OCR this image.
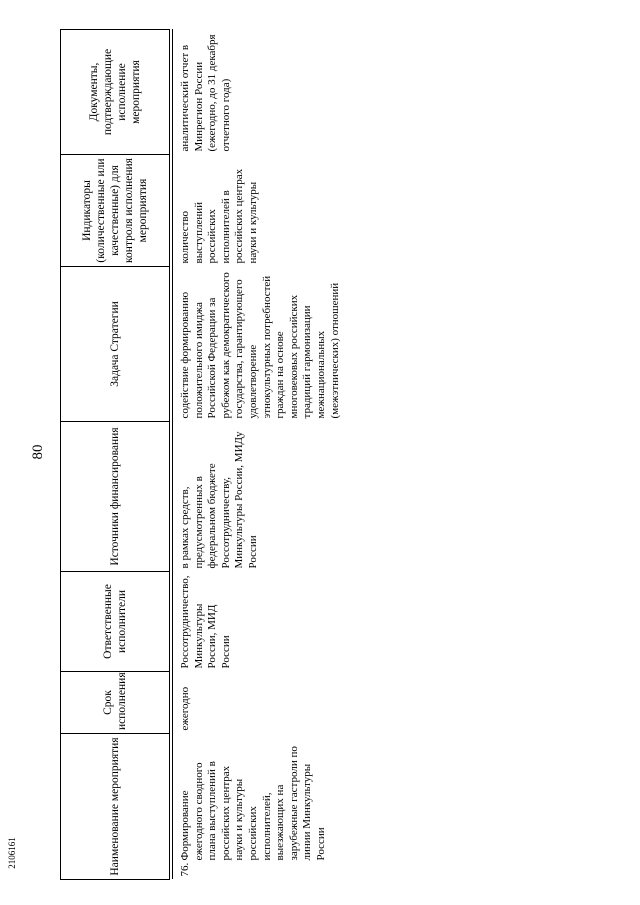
80
2106161	Наименование мероприятия	Срок исполнения	Ответственные исполнители	Источники финансирования	Задача Стратегии	Индикаторы (количественные или качественные) для контроля исполнения мероприятия	Документы, подтверждающие исполнение мероприятия

76.Формирование ежегодного сводного плана выступлений в российских центрах науки и культуры российских исполнителей, выезжающих на зарубежные гастроли по линии Минкультуры России	ежегодно	Россотрудничество, Минкультуры России, МИД России	в рамках средств, предусмотренных в федеральном бюджете Россотрудничеству, Минкультуры России, МИДу России	содействие формированию положительного имиджа Российской Федерации за рубежом как демократического государства, гарантирующего удовлетворение этнокультурных потребностей граждан на основе многовековых российских традиций гармонизации межнациональных (межэтнических) отношений	количество выступлений российских исполнителей в российских центрах науки и культуры	аналитический отчет в Минрегион России (ежегодно, до 31 декабря отчетного года)
